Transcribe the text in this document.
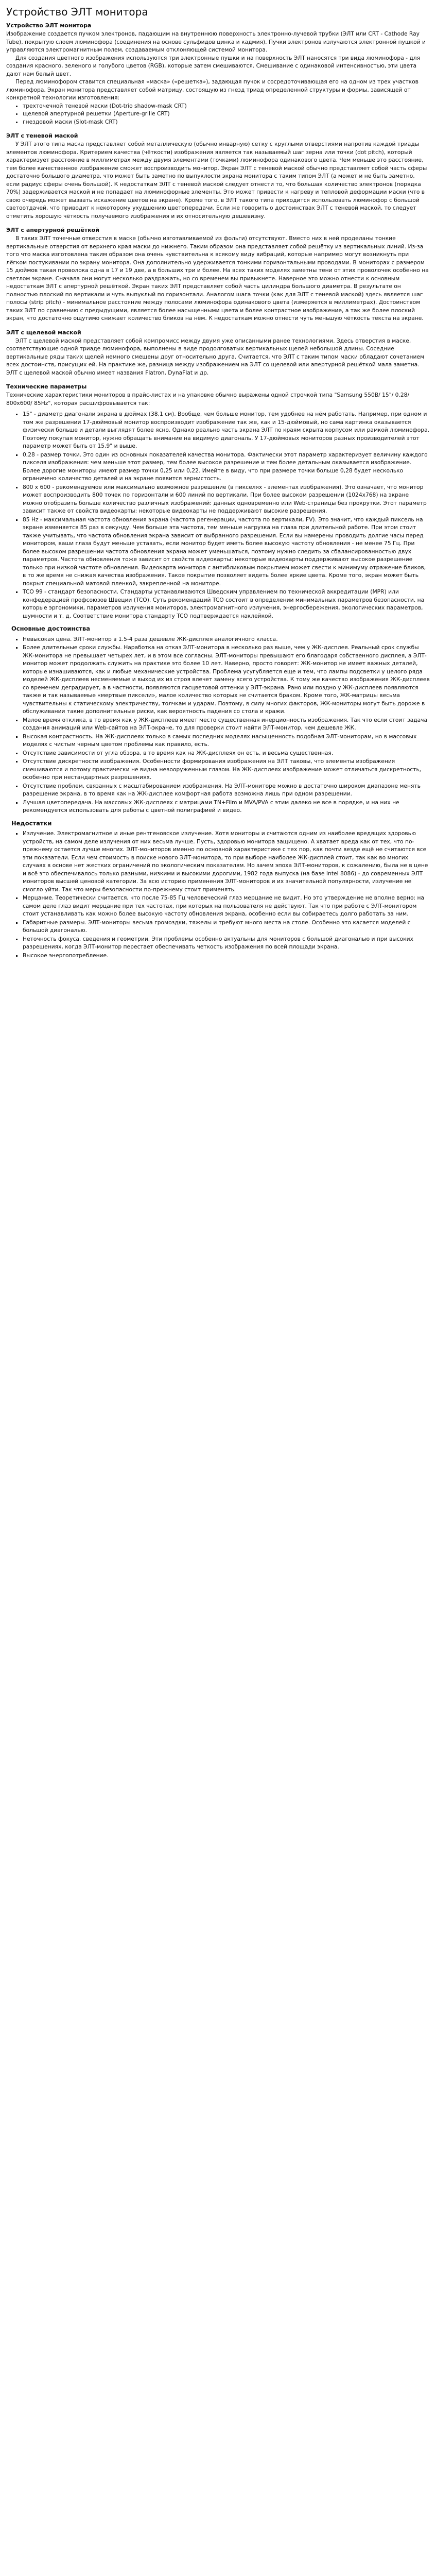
Устройство ЭЛТ монитора
Устройство ЭЛТ монитора

Изображение создается пучком электронов, падающим на внутреннюю поверхность электронно-лучевой трубки (ЭЛТ или CRT - Cathode Ray Tube), покрытую слоем люминофора (соединения на основе сульфидов цинка и кадмия). Пучки электронов излучаются электронной пушкой и управляются электромагнитным полем, создаваемым отклоняющей системой монитора.

Для создания цветного изображения используются три электронные пушки и на поверхность ЭЛТ наносятся три вида люминофора - для создания красного, зеленого и голубого цветов (RGB), которые затем смешиваются. Смешивание с одинаковой интенсивностью, эти цвета дают нам белый цвет.

Перед люминофором ставится специальная «маска» («решетка»), задающая пучок и сосредоточивающая его на одном из трех участков люминофора. Экран монитора представляет собой матрицу, состоящую из гнезд триад определенной структуры и формы, зависящей от конкретной технологии изготовления:

• трехточечной теневой маски (Dot-trio shadow-mask CRT)
• щелевой апертурной решетки (Aperture-grille CRT)
• гнездовой маски (Slot-mask CRT)
ЭЛТ с теневой маской

У ЭЛТ этого типа маска представляет собой металлическую (обычно инварную) сетку с круглыми отверстиями напротив каждой триады элементов люминофора. Критерием качества (чёткости) изображения является так называемый шаг зерна или точки (dot pitch), который характеризует расстояние в миллиметрах между двумя элементами (точками) люминофора одинакового цвета. Чем меньше это расстояние, тем более качественное изображение сможет воспроизводить монитор. Экран ЭЛТ с теневой маской обычно представляет собой часть сферы достаточно большого диаметра, что может быть заметно по выпуклости экрана монитора с таким типом ЭЛТ (а может и не быть заметно, если радиус сферы очень большой). К недостаткам ЭЛТ с теневой маской следует отнести то, что большая количество электронов (порядка 70%) задерживается маской и не попадает на люминофорные элементы. Это может привести к нагреву и тепловой деформации маски (что в свою очередь может вызвать искажение цветов на экране). Кроме того, в ЭЛТ такого типа приходится использовать люминофор с большой светоотдачей, что приводит к некоторому ухудшению цветопередачи. Если же говорить о достоинствах ЭЛТ с теневой маской, то следует отметить хорошую чёткость получаемого изображения и их относительную дешевизну.

ЭЛТ с апертурной решёткой

В таких ЭЛТ точечные отверстия в маске (обычно изготавливаемой из фольги) отсутствуют. Вместо них в ней проделаны тонкие вертикальные отверстия от верхнего края маски до нижнего. Таким образом она представляет собой решётку из вертикальных линий. Из-за того что маска изготовлена таким образом она очень чувствительна к всякому виду вибраций, которые например могут возникнуть при лёгком постукивании по экрану монитора. Она дополнительно удерживается тонкими горизонтальными проводами. В мониторах с размером 15 дюймов такая проволока одна в 17 и 19 две, а в больших три и более. На всех таких моделях заметны тени от этих проволочек особенно на светлом экране. Сначала они могут несколько раздражать, но со временем вы привыкнете. Наверное это можно отнести к основным недостаткам ЭЛТ с апертурной решёткой. Экран таких ЭЛТ представляет собой часть цилиндра большого диаметра. В результате он полностью плоский по вертикали и чуть выпуклый по горизонтали. Аналогом шага точки (как для ЭЛТ с теневой маской) здесь является шаг полосы (strip pitch) - минимальное расстояние между полосами люминофора одинакового цвета (измеряется в миллиметрах). Достоинством таких ЭЛТ по сравнению с предыдущими, является более насыщенными цвета и более контрастное изображение, а так же более плоский экран, что достаточно ощутимо снижает количество бликов на нём. К недостаткам можно отнести чуть меньшую чёткость текста на экране.

ЭЛТ с щелевой маской

ЭЛТ с щелевой маской представляет собой компромисс между двумя уже описанными ранее технологиями. Здесь отверстия в маске, соответствующие одной триаде люминофора, выполнены в виде продолговатых вертикальных щелей небольшой длины. Соседние вертикальные ряды таких щелей немного смещены друг относительно друга. Считается, что ЭЛТ с таким типом маски обладают сочетанием всех достоинств, присущих ей. На практике же, разница между изображением на ЭЛТ со щелевой или апертурной решёткой мала заметна. ЭЛТ с щелевой маской обычно имеет названия Flatron, DynaFlat и др.

Технические параметры

Технические характеристики мониторов в прайс-листах и на упаковке обычно выражены одной строчкой типа "Samsung 550B/ 15"/ 0.28/ 800x600/ 85Hz", которая расшифровывается так:

▪ 15" - диаметр диагонали экрана в дюймах (38,1 см). Вообще, чем больше монитор, тем удобнее на нём работать. Например, при одном и том же разрешении 17-дюймовый монитор воспроизводит изображение так же, как и 15-дюймовый, но сама картинка оказывается физически больше и детали выглядят более ясно. Однако реально часть экрана ЭЛТ по краям скрыта корпусом или рамкой люминофора. Поэтому покупая монитор, нужно обращать внимание на видимую диагональ. У 17-дюймовых мониторов разных производителей этот параметр может быть от 15,9" и выше.
▪ 0,28 - размер точки. Это один из основных показателей качества монитора. Фактически этот параметр характеризует величину каждого пикселя изображения: чем меньше этот размер, тем более высокое разрешение и тем более детальным оказывается изображение. Более дорогие мониторы имеют размер точки 0,25 или 0,22. Имейте в виду, что при размере точки больше 0,28 будет несколько ограничено количество деталей и на экране появится зернистость.
▪ 800 x 600 - рекомендуемое или максимально возможное разрешение (в пикселях - элементах изображения). Это означает, что монитор может воспроизводить 800 точек по горизонтали и 600 линий по вертикали. При более высоком разрешении (1024x768) на экране можно отобразить больше количество различных изображений: данных одновременно или Web-страницы без прокрутки. Этот параметр зависит также от свойств видеокарты: некоторые видеокарты не поддерживают высокие разрешения.
▪ 85 Hz - максимальная частота обновления экрана (частота регенерации, частота по вертикали, FV). Это значит, что каждый пиксель на экране изменяется 85 раз в секунду. Чем больше эта частота, тем меньше нагрузка на глаза при длительной работе. При этом стоит также учитывать, что частота обновления экрана зависит от выбранного разрешения. Если вы намерены проводить долгие часы перед монитором, ваши глаза будут меньше уставать, если монитор будет иметь более высокую частоту обновления - не менее 75 Гц. При более высоком разрешении частота обновления экрана может уменьшаться, поэтому нужно следить за сбалансированностью двух параметров. Частота обновления тоже зависит от свойств видеокарты: некоторые видеокарты поддерживают высокое разрешение только при низкой частоте обновления. Видеокарта монитора с антибликовым покрытием может свести к минимуму отражение бликов, в то же время не снижая качества изображения. Такое покрытие позволяет видеть более яркие цвета. Кроме того, экран может быть покрыт специальной матовой пленкой, закрепленной на мониторе.
▪ TCO 99 - стандарт безопасности. Стандарты устанавливаются Шведским управлением по технической аккредитации (MPR) или конфедерацией профсоюзов Швеции (TCO). Суть рекомендаций TCO состоит в определении минимальных параметров безопасности, на которые эргономики, параметров излучения мониторов, электромагнитного излучения, энергосбережения, экологических параметров, шумности и т. д. Соответствие монитора стандарту TCO подтверждается наклейкой.
Основные достоинства
▪ Невысокая цена. ЭЛТ-монитор в 1.5-4 раза дешевле ЖК-дисплея аналогичного класса.
▪ Более длительные сроки службы. Наработка на отказ ЭЛТ-монитора в несколько раз выше, чем у ЖК-дисплея. Реальный срок службы ЖК-монитора не превышает четырех лет, и в этом все согласны. ЭЛТ-мониторы превышают его благодаря собственного дисплея, а ЭЛТ-монитор может продолжать служить на практике это более 10 лет. Наверно, просто говорят: ЖК-монитор не имеет важных деталей, которые изнашиваются, как и любые механические устройства. Проблема усугубляется еще и тем, что лампы подсветки у целого ряда моделей ЖК-дисплеев несменяемые и выход их из строя влечет замену всего устройства. К тому же качество изображения ЖК-дисплеев со временем деградирует, а в частности, появляются гасцветовой оттенки у ЭЛТ-экрана. Рано или поздно у ЖК-дисплеев появляются также и так называемые «мертвые пиксели», малое количество которых не считается браком. Кроме того, ЖК-матрицы весьма чувствительны к статическому электричеству, толчкам и ударам. Поэтому, в силу многих факторов, ЖК-мониторы могут быть дороже в обслуживании такие дополнительные риски, как вероятность падения со стола и кражи.
▪ Малое время отклика, в то время как у ЖК-дисплеев имеет место существенная инерционность изображения. Так что если стоит задача создания анимаций или Web-сайтов на ЭЛТ-экране, то для проверки стоит найти ЭЛТ-монитор, чем дешевле ЖК.
▪ Высокая контрастность. На ЖК-дисплеях только в самых последних моделях насыщенность подобная ЭЛТ-мониторам, но в массовых моделях с чистым черным цветом проблемы как правило, есть.
▪ Отсутствие зависимости от угла обзора, в то время как на ЖК-дисплеях он есть, и весьма существенная.
▪ Отсутствие дискретности изображения. Особенности формирования изображения на ЭЛТ таковы, что элементы изображения смешиваются и потому практически не видна невооруженным глазом. На ЖК-дисплеях изображение может отличаться дискретность, особенно при нестандартных разрешениях.
▪ Отсутствие проблем, связанных с масштабированием изображения. На ЭЛТ-мониторе можно в достаточно широком диапазоне менять разрешение экрана, в то время как на ЖК-дисплее комфортная работа возможна лишь при одном разрешении.
▪ Лучшая цветопередача. На массовых ЖК-дисплеях с матрицами TN+Film и MVA/PVA с этим далеко не все в порядке, и на них не рекомендуется использовать для работы с цветной полиграфией и видео.
Недостатки
▪ Излучение. Электромагнитное и иные рентгеновское излучение. Хотя мониторы и считаются одним из наиболее вредящих здоровью устройств, на самом деле излучения от них весьма лучше. Пусть, здоровью монитора защищено. А хватает вреда как от тех, что по-прежнему остается лучше многих. ЭЛТ-мониторов именно по основной характеристике с тех пор, как почти везде ещё не считаются все эти показатели. Если чем стоимость в поиске нового ЭЛТ-монитора, то при выборе наиболее ЖК-дисплей стоит, так как во многих случаях в основе нет жестких ограничений по экологическим показателям. Но зачем эпоха ЭЛТ-мониторов, к сожалению, была не в цене и всё это обеспечивалось только разными, низкими и высокими дорогими, 1982 года выпуска (на базе Intel 8086) - до современных ЭЛТ мониторов высшей ценовой категории. За всю историю применения ЭЛТ-мониторов и их значительной популярности, излучение не смогло уйти. Так что меры безопасности по-прежнему стоит применять.
▪ Мерцание. Теоретически считается, что после 75-85 Гц человеческий глаз мерцание не видит. Но это утверждение не вполне верно: на самом деле глаз видит мерцание при тех частотах, при которых на пользователя не действуют. Так что при работе с ЭЛТ-монитором стоит устанавливать как можно более высокую частоту обновления экрана, особенно если вы собираетесь долго работать за ним.
▪ Габаритные размеры. ЭЛТ-мониторы весьма громоздки, тяжелы и требуют много места на столе. Особенно это касается моделей с большой диагональю.
▪ Неточность фокуса, сведения и геометрии. Эти проблемы особенно актуальны для мониторов с большой диагональю и при высоких разрешениях, когда ЭЛТ-монитор перестает обеспечивать четкость изображения по всей площади экрана.
▪ Высокое энергопотребление.
